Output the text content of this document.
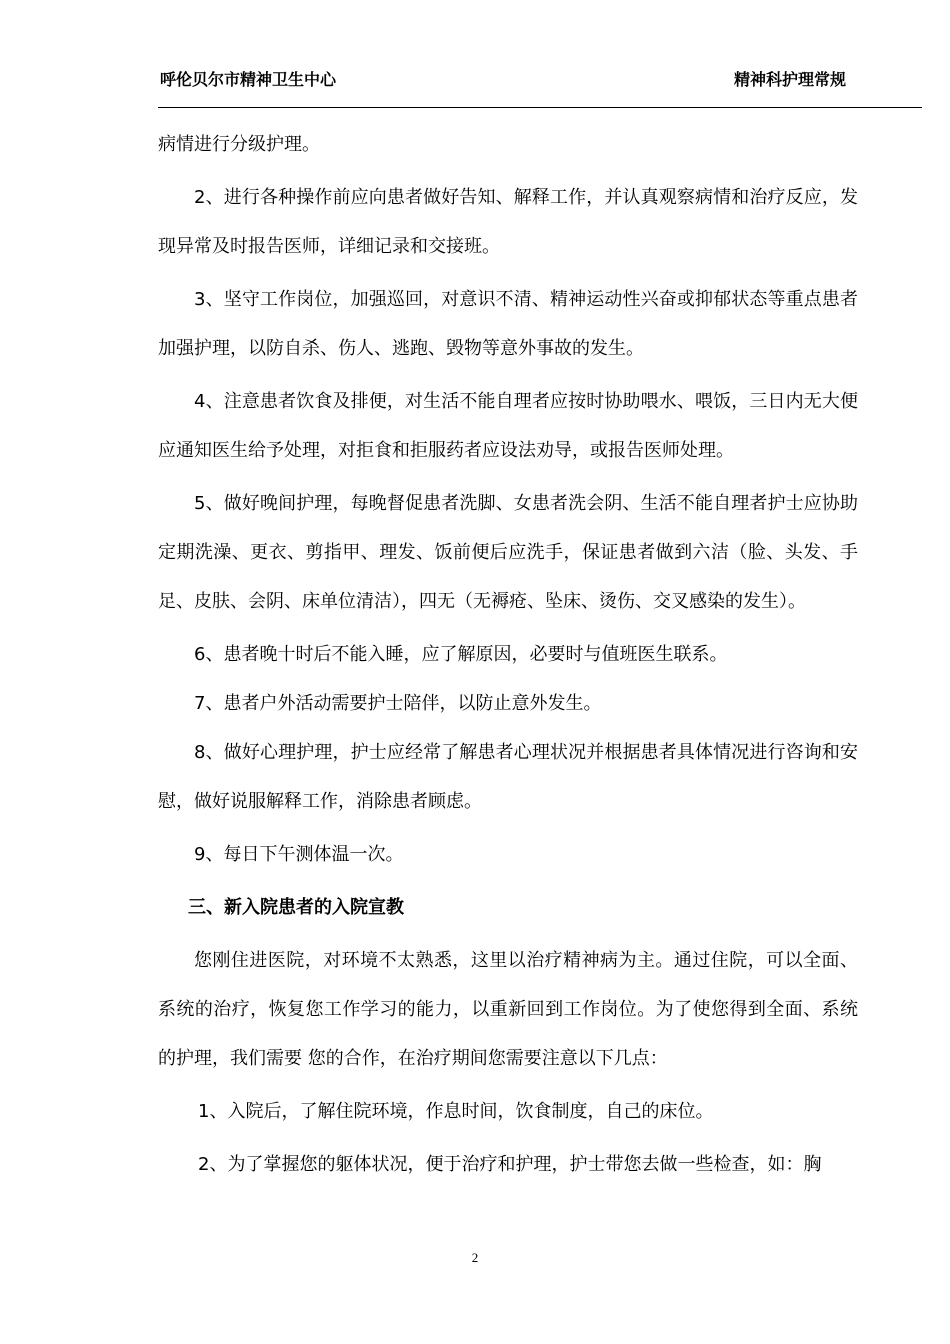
呼伦贝尔市精神卫生中心	精神科护理常规

病情进行分级护理。

2、进行各种操作前应向患者做好告知、解释工作，并认真观察病情和治疗反应，发现异常及时报告医师，详细记录和交接班。

3、坚守工作岗位，加强巡回，对意识不清、精神运动性兴奋或抑郁状态等重点患者加强护理，以防自杀、伤人、逃跑、毁物等意外事故的发生。

4、注意患者饮食及排便，对生活不能自理者应按时协助喂水、喂饭，三日内无大便应通知医生给予处理，对拒食和拒服药者应设法劝导，或报告医师处理。

5、做好晚间护理，每晚督促患者洗脚、女患者洗会阴、生活不能自理者护士应协助定期洗澡、更衣、剪指甲、理发、饭前便后应洗手，保证患者做到六洁（脸、头发、手足、皮肤、会阴、床单位清洁），四无（无褥疮、坠床、烫伤、交叉感染的发生）。

6、患者晚十时后不能入睡，应了解原因，必要时与值班医生联系。

7、患者户外活动需要护士陪伴，以防止意外发生。

8、做好心理护理，护士应经常了解患者心理状况并根据患者具体情况进行咨询和安慰，做好说服解释工作，消除患者顾虑。

9、每日下午测体温一次。

三、新入院患者的入院宣教

您刚住进医院，对环境不太熟悉，这里以治疗精神病为主。通过住院，可以全面、系统的治疗，恢复您工作学习的能力，以重新回到工作岗位。为了使您得到全面、系统的护理，我们需要 您的合作，在治疗期间您需要注意以下几点：

1、入院后，了解住院环境，作息时间，饮食制度，自己的床位。

2、为了掌握您的躯体状况，便于治疗和护理，护士带您去做一些检查，如：胸

2
